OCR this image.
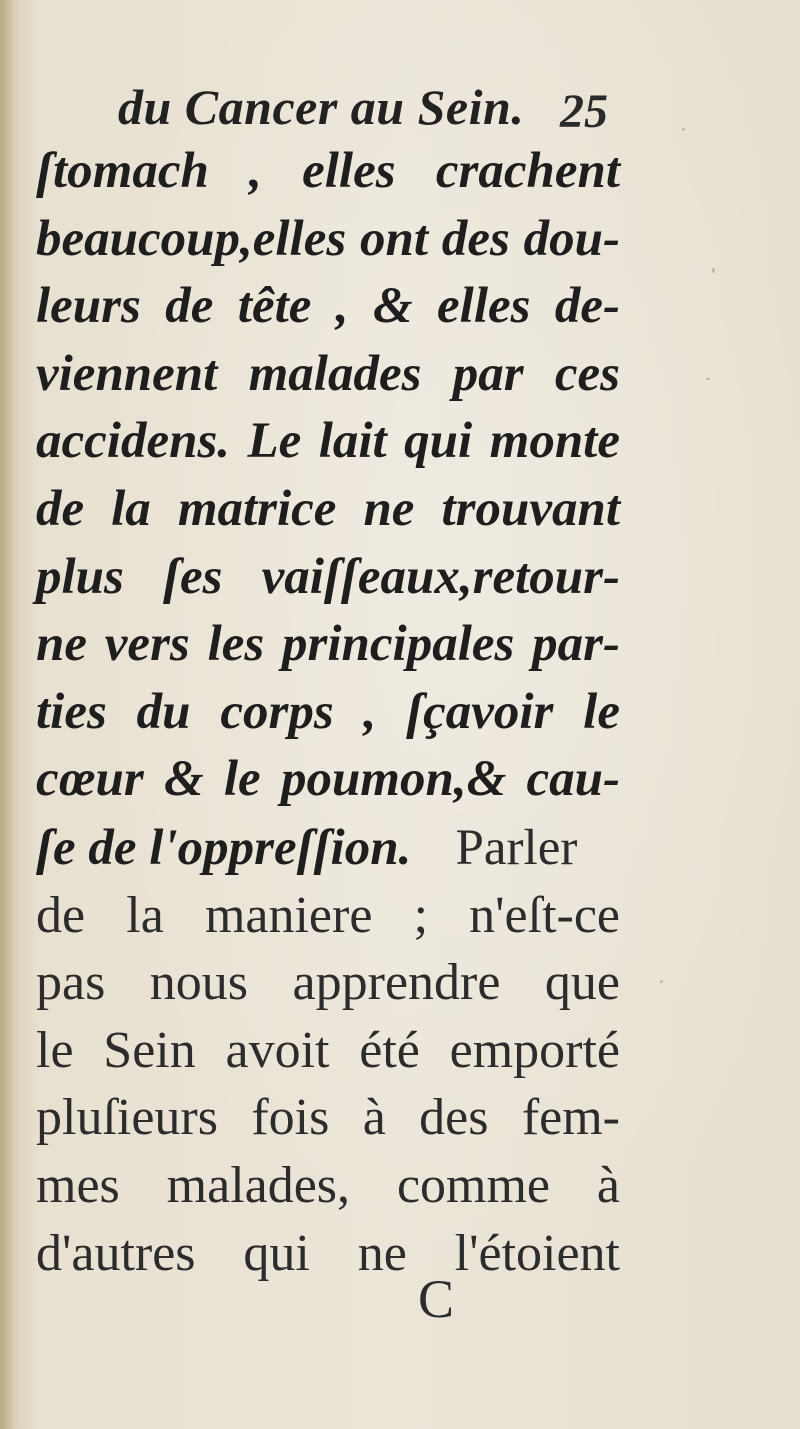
du Cancer au Sein. 25
ſtomach , elles crachent
beaucoup,elles ont des dou-
leurs de tête , & elles de-
viennent malades par ces
accidens. Le lait qui monte
de la matrice ne trouvant
plus ſes vaiſſeaux,retour-
ne vers les principales par-
ties du corps , ſçavoir le
cœur & le poumon,& cau-
ſe de l'oppreſſion. Parler
de la maniere ; n'eſt-ce
pas nous apprendre que
le Sein avoit été emporté
pluſieurs fois à des fem-
mes malades, comme à
d'autres qui ne l'étoient
C
